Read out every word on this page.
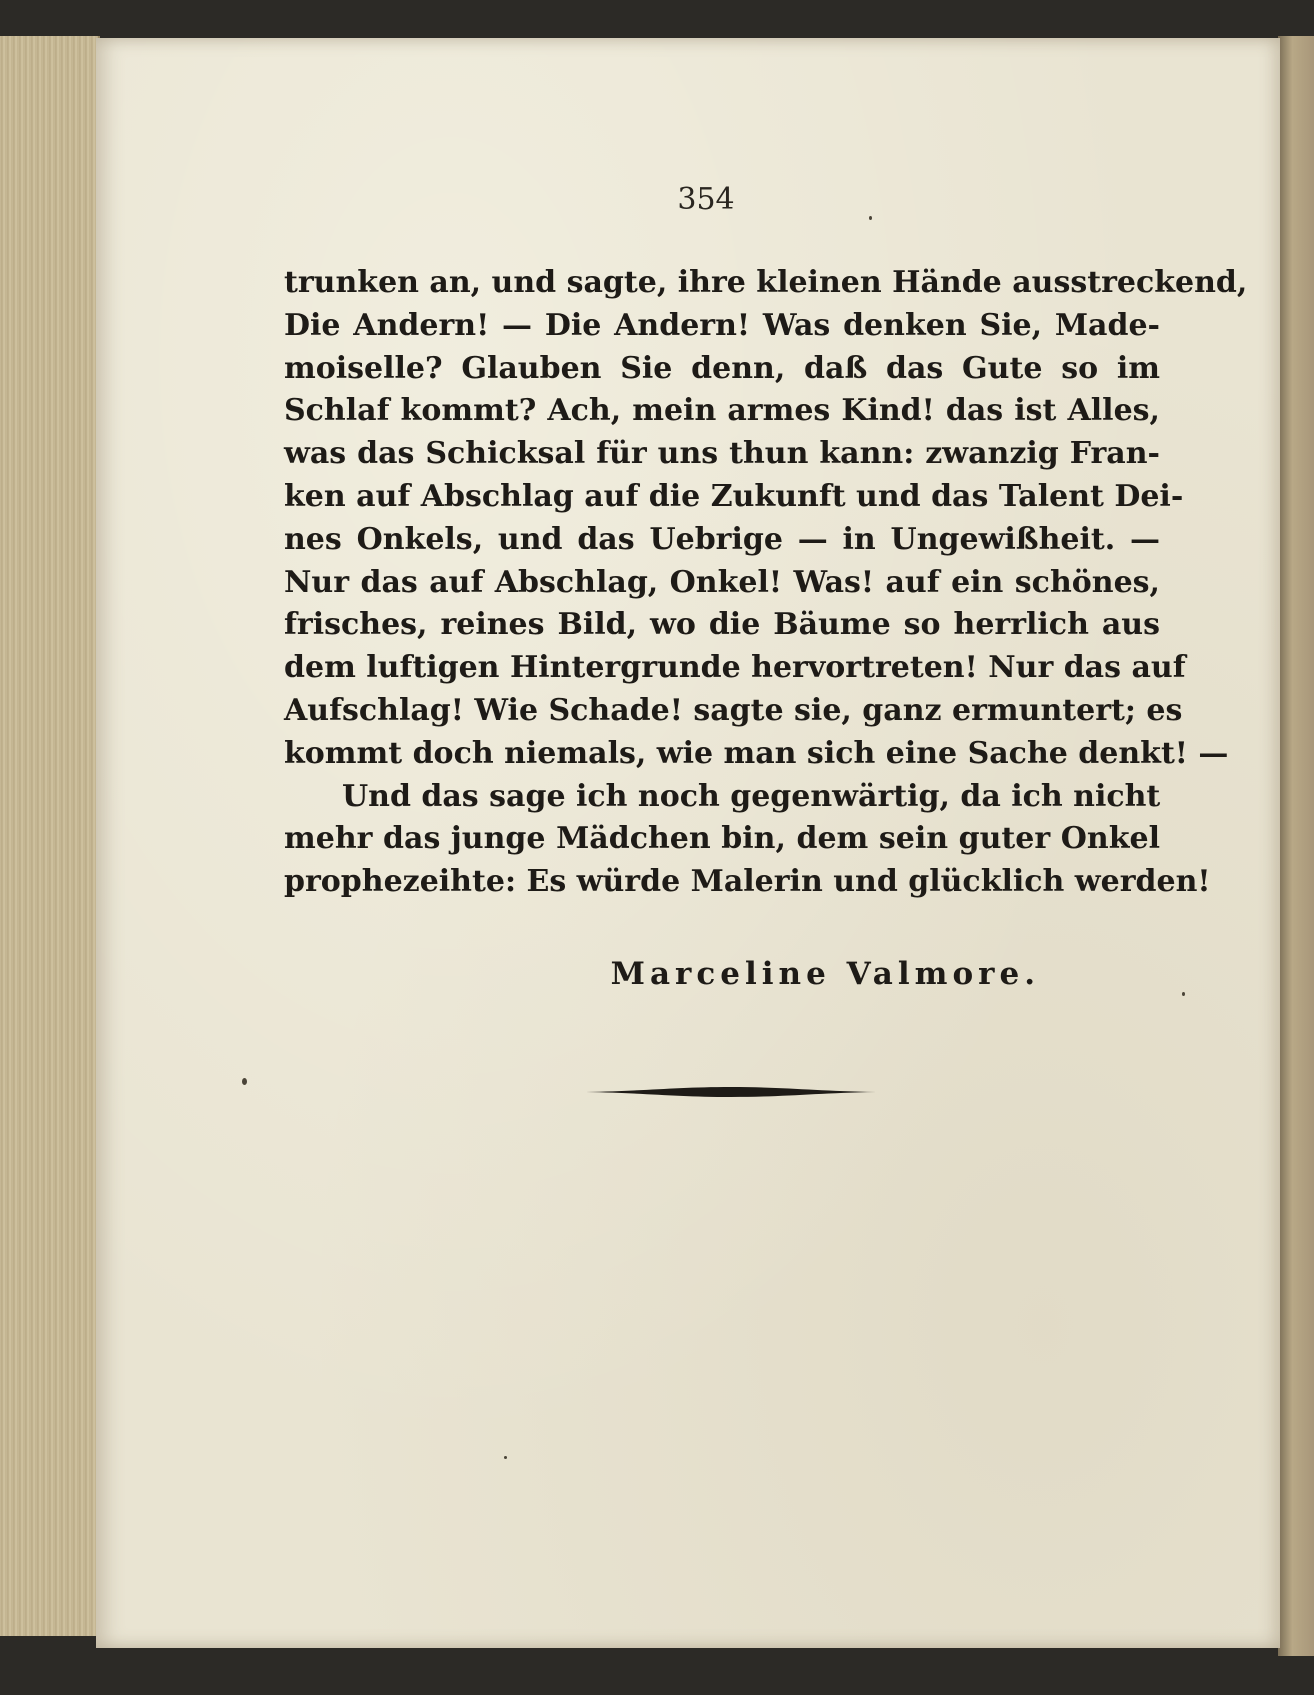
354
trunken an, und sagte, ihre kleinen Hände ausstreckend,
Die Andern! — Die Andern! Was denken Sie, Made-
moiselle? Glauben Sie denn, daß das Gute so im
Schlaf kommt? Ach, mein armes Kind! das ist Alles,
was das Schicksal für uns thun kann: zwanzig Fran-
ken auf Abschlag auf die Zukunft und das Talent Dei-
nes Onkels, und das Uebrige — in Ungewißheit. —
Nur das auf Abschlag, Onkel! Was! auf ein schönes,
frisches, reines Bild, wo die Bäume so herrlich aus
dem luftigen Hintergrunde hervortreten! Nur das auf
Aufschlag! Wie Schade! sagte sie, ganz ermuntert; es
kommt doch niemals, wie man sich eine Sache denkt! —
Und das sage ich noch gegenwärtig, da ich nicht
mehr das junge Mädchen bin, dem sein guter Onkel
prophezeihte: Es würde Malerin und glücklich werden!
Marceline Valmore.
